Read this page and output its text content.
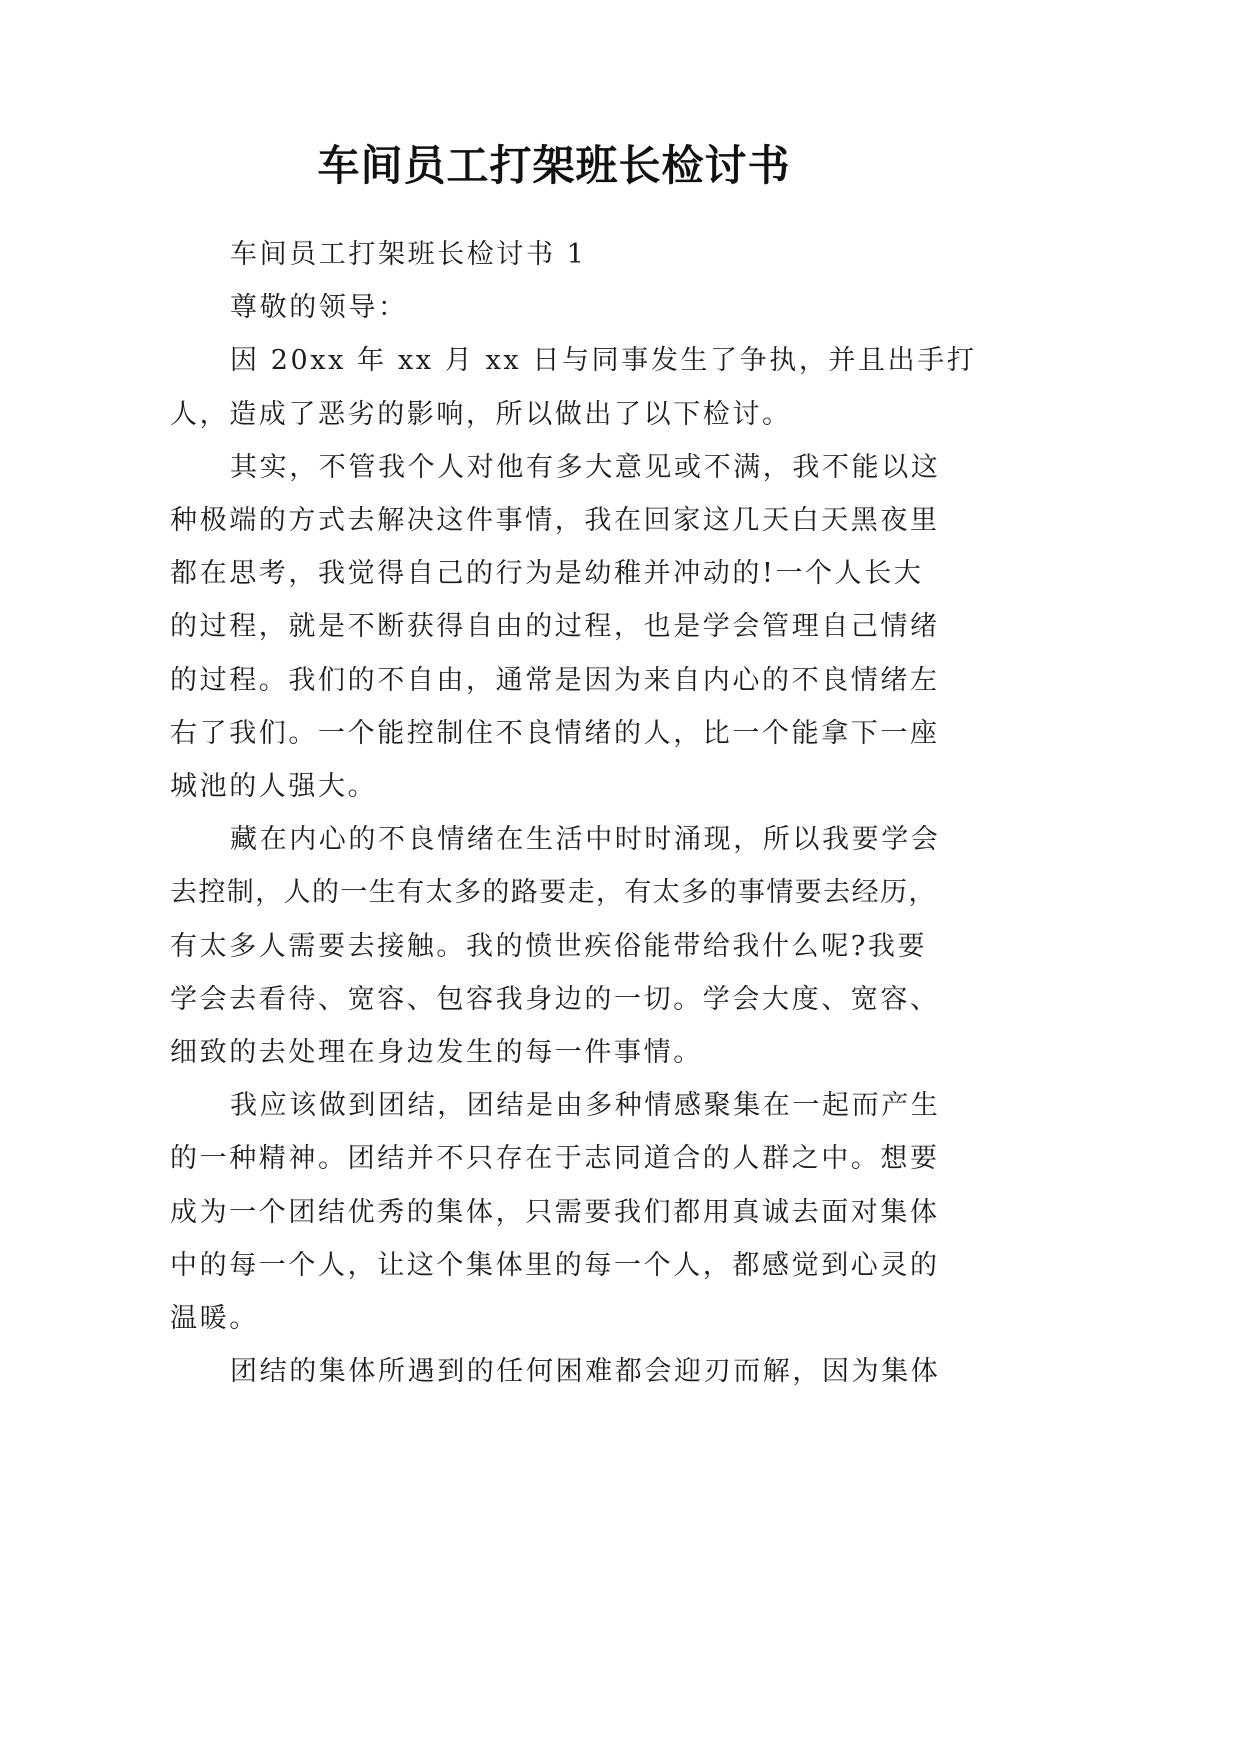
车间员工打架班长检讨书
车间员工打架班长检讨书 1
尊敬的领导：
因 20xx 年 xx 月 xx 日与同事发生了争执，并且出手打
人，造成了恶劣的影响，所以做出了以下检讨。
其实，不管我个人对他有多大意见或不满，我不能以这
种极端的方式去解决这件事情，我在回家这几天白天黑夜里
都在思考，我觉得自己的行为是幼稚并冲动的!一个人长大
的过程，就是不断获得自由的过程，也是学会管理自己情绪
的过程。我们的不自由，通常是因为来自内心的不良情绪左
右了我们。一个能控制住不良情绪的人，比一个能拿下一座
城池的人强大。
藏在内心的不良情绪在生活中时时涌现，所以我要学会
去控制，人的一生有太多的路要走，有太多的事情要去经历，
有太多人需要去接触。我的愤世疾俗能带给我什么呢?我要
学会去看待、宽容、包容我身边的一切。学会大度、宽容、
细致的去处理在身边发生的每一件事情。
我应该做到团结，团结是由多种情感聚集在一起而产生
的一种精神。团结并不只存在于志同道合的人群之中。想要
成为一个团结优秀的集体，只需要我们都用真诚去面对集体
中的每一个人，让这个集体里的每一个人，都感觉到心灵的
温暖。
团结的集体所遇到的任何困难都会迎刃而解，因为集体
